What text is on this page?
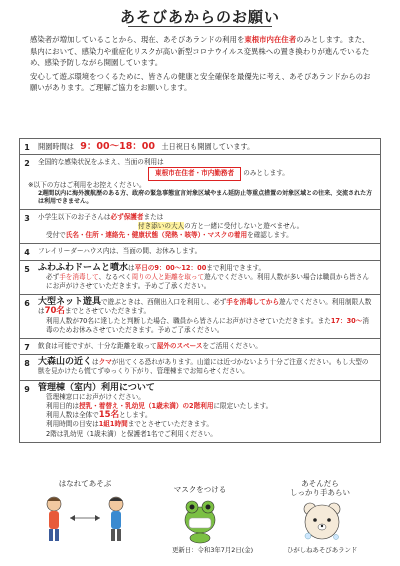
あそびあからのお願い

感染者が増加していることから、現在、あそびあランドの利用を東根市内在住者のみとします。また、県内において、感染力や重症化リスクが高い新型コロナウイルス変異株への置き換わりが進んでいるため、感染予防しながら開園しています。

安心して遊ぶ環境をつくるために、皆さんの健康と安全確保を最優先に考え、あそびあランドからのお願いがあります。ご理解ご協力をお願いします。

1	開園時間は 9：00～18：00 土日祝日も開園しています。
2	全国的な感染状況をふまえ、当面の利用は
東根市在住者・市内勤務者 のみとします。
※以下の方はご利用をお控えください。
2週間以内に海外渡航歴のある方、政府の緊急事態宣言対象区域やまん延防止等重点措置の対象区域との往来、交流された方は利用できません。
3	小学生以下のお子さんは必ず保護者または
付き添いの大人の方と一緒に受付しないと遊べません。
受付で氏名・住所・連絡先・健康状態（発熱・咳等）・マスクの着用を確認します。
4	フレイリーダーハウス内は、当面の間、お休みします。
5 ふわふわドームと噴水は平日の9：00～12：00まで利用できます。
必ず手を消毒して、なるべく周りの人と距離を取って遊んでください。利用人数が多い場合は職員から皆さんにお声がけさせていただきます。予めご了承ください。
6 大型ネット遊具で遊ぶときは、西側出入口を利用し、必ず手を消毒してから遊んでください。利用制限人数は70名までとさせていただきます。
利用人数が70名に達したと判断した場合、職員から皆さんにお声がけさせていただきます。また17：30～消毒のためお休みさせていただきます。予めご了承ください。
7	飲食は可能ですが、十分な距離を取って屋外のスペースをご活用ください。
8 大森山の近くはクマが出てくる恐れがあります。山道には近づかないよう十分ご注意ください。もし大型の獣を見かけたら慌てずゆっくり下がり、管理棟までお知らせください。
9 管理棟（室内）利用について
管理棟窓口にお声がけください。
利用目的は授乳・着替え・乳幼児（1歳未満）の2階利用に限定いたします。
利用人数は全体で15名とします。
利用時間の目安は1組1時間までとさせていただきます。
2階は乳幼児（1歳未満）と保護者1名でご利用ください。
はなれてあそぶ
マスクをつける
あそんだら
しっかり手あらい
更新日：令和3年7月2日(金)	ひがしねあそびあランド
